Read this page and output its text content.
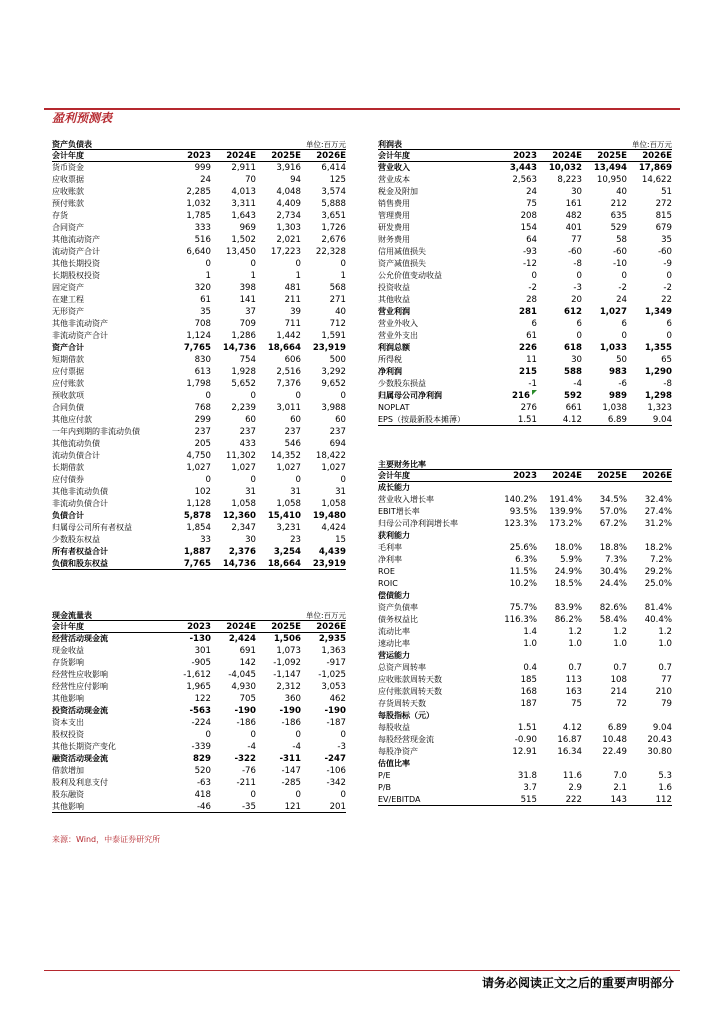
盈利预测表
资产负债表	单位:百万元
会计年度	2023	2024E	2025E	2026E
货币资金	999	2,911	3,916	6,414
应收票据	24	70	94	125
应收账款	2,285	4,013	4,048	3,574
预付账款	1,032	3,311	4,409	5,888
存货	1,785	1,643	2,734	3,651
合同资产	333	969	1,303	1,726
其他流动资产	516	1,502	2,021	2,676
流动资产合计	6,640	13,450	17,223	22,328
其他长期投资	0	0	0	0
长期股权投资	1	1	1	1
固定资产	320	398	481	568
在建工程	61	141	211	271
无形资产	35	37	39	40
其他非流动资产	708	709	711	712
非流动资产合计	1,124	1,286	1,442	1,591
资产合计	7,765	14,736	18,664	23,919
短期借款	830	754	606	500
应付票据	613	1,928	2,516	3,292
应付账款	1,798	5,652	7,376	9,652
预收款项	0	0	0	0
合同负债	768	2,239	3,011	3,988
其他应付款	299	60	60	60
一年内到期的非流动负债	237	237	237	237
其他流动负债	205	433	546	694
流动负债合计	4,750	11,302	14,352	18,422
长期借款	1,027	1,027	1,027	1,027
应付债券	0	0	0	0
其他非流动负债	102	31	31	31
非流动负债合计	1,128	1,058	1,058	1,058
负债合计	5,878	12,360	15,410	19,480
归属母公司所有者权益	1,854	2,347	3,231	4,424
少数股东权益	33	30	23	15
所有者权益合计	1,887	2,376	3,254	4,439
负债和股东权益	7,765	14,736	18,664	23,919
现金流量表	单位:百万元
会计年度	2023	2024E	2025E	2026E
经营活动现金流	-130	2,424	1,506	2,935
现金收益	301	691	1,073	1,363
存货影响	-905	142	-1,092	-917
经营性应收影响	-1,612	-4,045	-1,147	-1,025
经营性应付影响	1,965	4,930	2,312	3,053
其他影响	122	705	360	462
投资活动现金流	-563	-190	-190	-190
资本支出	-224	-186	-186	-187
股权投资	0	0	0	0
其他长期资产变化	-339	-4	-4	-3
融资活动现金流	829	-322	-311	-247
借款增加	520	-76	-147	-106
股利及利息支付	-63	-211	-285	-342
股东融资	418	0	0	0
其他影响	-46	-35	121	201
利润表	单位:百万元
会计年度	2023	2024E	2025E	2026E
营业收入	3,443	10,032	13,494	17,869
营业成本	2,563	8,223	10,950	14,622
税金及附加	24	30	40	51
销售费用	75	161	212	272
管理费用	208	482	635	815
研发费用	154	401	529	679
财务费用	64	77	58	35
信用减值损失	-93	-60	-60	-60
资产减值损失	-12	-8	-10	-9
公允价值变动收益	0	0	0	0
投资收益	-2	-3	-2	-2
其他收益	28	20	24	22
营业利润	281	612	1,027	1,349
营业外收入	6	6	6	6
营业外支出	61	0	0	0
利润总额	226	618	1,033	1,355
所得税	11	30	50	65
净利润	215	588	983	1,290
少数股东损益	-1	-4	-6	-8
归属母公司净利润	216	592	989	1,298
NOPLAT	276	661	1,038	1,323
EPS（按最新股本摊薄）	1.51	4.12	6.89	9.04
主要财务比率
会计年度	2023	2024E	2025E	2026E
成长能力
营业收入增长率	140.2%	191.4%	34.5%	32.4%
EBIT增长率	93.5%	139.9%	57.0%	27.4%
归母公司净利润增长率	123.3%	173.2%	67.2%	31.2%
获利能力
毛利率	25.6%	18.0%	18.8%	18.2%
净利率	6.3%	5.9%	7.3%	7.2%
ROE	11.5%	24.9%	30.4%	29.2%
ROIC	10.2%	18.5%	24.4%	25.0%
偿债能力
资产负债率	75.7%	83.9%	82.6%	81.4%
债务权益比	116.3%	86.2%	58.4%	40.4%
流动比率	1.4	1.2	1.2	1.2
速动比率	1.0	1.0	1.0	1.0
营运能力
总资产周转率	0.4	0.7	0.7	0.7
应收账款周转天数	185	113	108	77
应付账款周转天数	168	163	214	210
存货周转天数	187	75	72	79
每股指标（元）
每股收益	1.51	4.12	6.89	9.04
每股经营现金流	-0.90	16.87	10.48	20.43
每股净资产	12.91	16.34	22.49	30.80
估值比率
P/E	31.8	11.6	7.0	5.3
P/B	3.7	2.9	2.1	1.6
EV/EBITDA	515	222	143	112
来源：Wind，中泰证券研究所
请务必阅读正文之后的重要声明部分
